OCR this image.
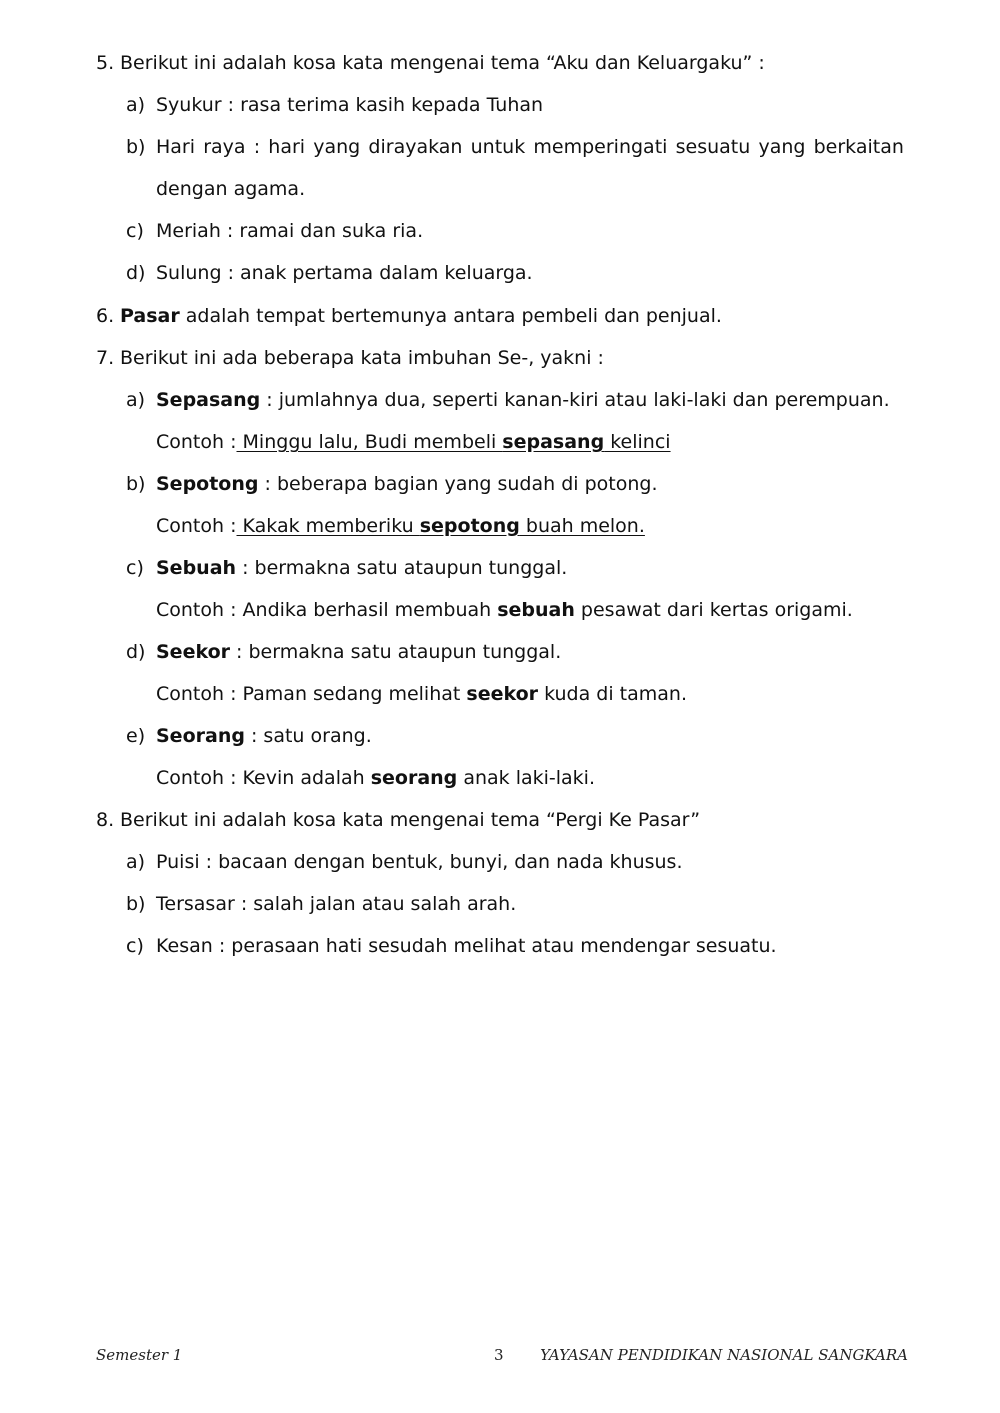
5. Berikut ini adalah kosa kata mengenai tema “Aku dan Keluargaku” :
a) Syukur : rasa terima kasih kepada Tuhan
b) Hari raya : hari yang dirayakan untuk memperingati sesuatu yang berkaitan
dengan agama.
c) Meriah : ramai dan suka ria.
d) Sulung : anak pertama dalam keluarga.
6. Pasar adalah tempat bertemunya antara pembeli dan penjual.
7. Berikut ini ada beberapa kata imbuhan Se-, yakni :
a) Sepasang : jumlahnya dua, seperti kanan-kiri atau laki-laki dan perempuan.
Contoh : Minggu lalu, Budi membeli sepasang kelinci
b) Sepotong : beberapa bagian yang sudah di potong.
Contoh : Kakak memberiku sepotong buah melon.
c) Sebuah : bermakna satu ataupun tunggal.
Contoh : Andika berhasil membuah sebuah pesawat dari kertas origami.
d) Seekor : bermakna satu ataupun tunggal.
Contoh : Paman sedang melihat seekor kuda di taman.
e) Seorang : satu orang.
Contoh : Kevin adalah seorang anak laki-laki.
8. Berikut ini adalah kosa kata mengenai tema “Pergi Ke Pasar”
a) Puisi : bacaan dengan bentuk, bunyi, dan nada khusus.
b) Tersasar : salah jalan atau salah arah.
c) Kesan : perasaan hati sesudah melihat atau mendengar sesuatu.
Semester 1	3 YAYASAN PENDIDIKAN NASIONAL SANGKARA
